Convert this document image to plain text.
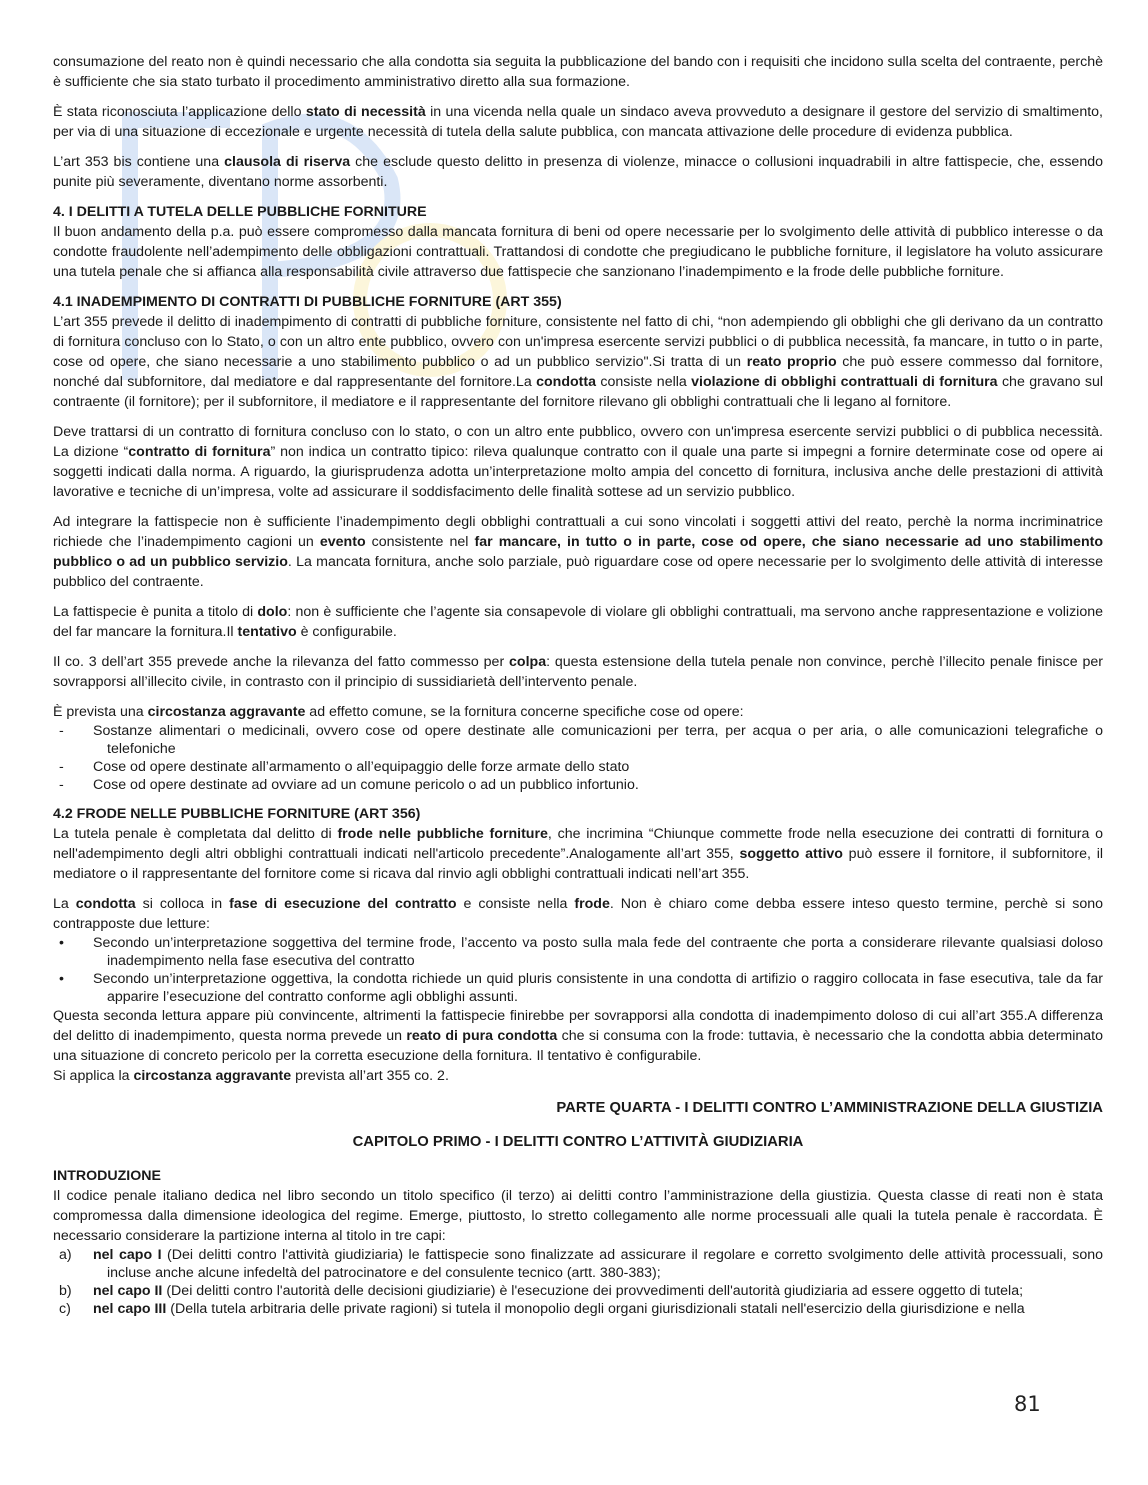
consumazione del reato non è quindi necessario che alla condotta sia seguita la pubblicazione del bando con i requisiti che incidono sulla scelta del contraente, perchè è sufficiente che sia stato turbato il procedimento amministrativo diretto alla sua formazione.

È stata riconosciuta l’applicazione dello stato di necessità in una vicenda nella quale un sindaco aveva provveduto a designare il gestore del servizio di smaltimento, per via di una situazione di eccezionale e urgente necessità di tutela della salute pubblica, con mancata attivazione delle procedure di evidenza pubblica.

L’art 353 bis contiene una clausola di riserva che esclude questo delitto in presenza di violenze, minacce o collusioni inquadrabili in altre fattispecie, che, essendo punite più severamente, diventano norme assorbenti.

4. I DELITTI A TUTELA DELLE PUBBLICHE FORNITURE

Il buon andamento della p.a. può essere compromesso dalla mancata fornitura di beni od opere necessarie per lo svolgimento delle attività di pubblico interesse o da condotte fraudolente nell’adempimento delle obbligazioni contrattuali. Trattandosi di condotte che pregiudicano le pubbliche forniture, il legislatore ha voluto assicurare una tutela penale che si affianca alla responsabilità civile attraverso due fattispecie che sanzionano l’inadempimento e la frode delle pubbliche forniture.

4.1 INADEMPIMENTO DI CONTRATTI DI PUBBLICHE FORNITURE (ART 355)

L’art 355 prevede il delitto di inadempimento di contratti di pubbliche forniture, consistente nel fatto di chi, “non adempiendo gli obblighi che gli derivano da un contratto di fornitura concluso con lo Stato, o con un altro ente pubblico, ovvero con un'impresa esercente servizi pubblici o di pubblica necessità, fa mancare, in tutto o in parte, cose od opere, che siano necessarie a uno stabilimento pubblico o ad un pubblico servizio".Si tratta di un reato proprio che può essere commesso dal fornitore, nonché dal subfornitore, dal mediatore e dal rappresentante del fornitore.La condotta consiste nella violazione di obblighi contrattuali di fornitura che gravano sul contraente (il fornitore); per il subfornitore, il mediatore e il rappresentante del fornitore rilevano gli obblighi contrattuali che li legano al fornitore.

Deve trattarsi di un contratto di fornitura concluso con lo stato, o con un altro ente pubblico, ovvero con un'impresa esercente servizi pubblici o di pubblica necessità. La dizione “contratto di fornitura” non indica un contratto tipico: rileva qualunque contratto con il quale una parte si impegni a fornire determinate cose od opere ai soggetti indicati dalla norma. A riguardo, la giurisprudenza adotta un’interpretazione molto ampia del concetto di fornitura, inclusiva anche delle prestazioni di attività lavorative e tecniche di un’impresa, volte ad assicurare il soddisfacimento delle finalità sottese ad un servizio pubblico.

Ad integrare la fattispecie non è sufficiente l’inadempimento degli obblighi contrattuali a cui sono vincolati i soggetti attivi del reato, perchè la norma incriminatrice richiede che l’inadempimento cagioni un evento consistente nel far mancare, in tutto o in parte, cose od opere, che siano necessarie ad uno stabilimento pubblico o ad un pubblico servizio. La mancata fornitura, anche solo parziale, può riguardare cose od opere necessarie per lo svolgimento delle attività di interesse pubblico del contraente.

La fattispecie è punita a titolo di dolo: non è sufficiente che l’agente sia consapevole di violare gli obblighi contrattuali, ma servono anche rappresentazione e volizione del far mancare la fornitura.Il tentativo è configurabile.

Il co. 3 dell’art 355 prevede anche la rilevanza del fatto commesso per colpa: questa estensione della tutela penale non convince, perchè l’illecito penale finisce per sovrapporsi all’illecito civile, in contrasto con il principio di sussidiarietà dell’intervento penale.

È prevista una circostanza aggravante ad effetto comune, se la fornitura concerne specifiche cose od opere:

-	Sostanze alimentari o medicinali, ovvero cose od opere destinate alle comunicazioni per terra, per acqua o per aria, o alle comunicazioni telegrafiche o telefoniche
-	Cose od opere destinate all’armamento o all’equipaggio delle forze armate dello stato
-	Cose od opere destinate ad ovviare ad un comune pericolo o ad un pubblico infortunio.
4.2 FRODE NELLE PUBBLICHE FORNITURE (ART 356)

La tutela penale è completata dal delitto di frode nelle pubbliche forniture, che incrimina “Chiunque commette frode nella esecuzione dei contratti di fornitura o nell'adempimento degli altri obblighi contrattuali indicati nell'articolo precedente”.Analogamente all’art 355, soggetto attivo può essere il fornitore, il subfornitore, il mediatore o il rappresentante del fornitore come si ricava dal rinvio agli obblighi contrattuali indicati nell’art 355.

La condotta si colloca in fase di esecuzione del contratto e consiste nella frode. Non è chiaro come debba essere inteso questo termine, perchè si sono contrapposte due letture:

•	Secondo un’interpretazione soggettiva del termine frode, l’accento va posto sulla mala fede del contraente che porta a considerare rilevante qualsiasi doloso inadempimento nella fase esecutiva del contratto
•	Secondo un’interpretazione oggettiva, la condotta richiede un quid pluris consistente in una condotta di artifizio o raggiro collocata in fase esecutiva, tale da far apparire l’esecuzione del contratto conforme agli obblighi assunti.

Questa seconda lettura appare più convincente, altrimenti la fattispecie finirebbe per sovrapporsi alla condotta di inadempimento doloso di cui all’art 355.A differenza del delitto di inadempimento, questa norma prevede un reato di pura condotta che si consuma con la frode: tuttavia, è necessario che la condotta abbia determinato una situazione di concreto pericolo per la corretta esecuzione della fornitura. Il tentativo è configurabile.

Si applica la circostanza aggravante prevista all’art 355 co. 2.

PARTE QUARTA - I DELITTI CONTRO L’AMMINISTRAZIONE DELLA GIUSTIZIA
CAPITOLO PRIMO - I DELITTI CONTRO L’ATTIVITÀ GIUDIZIARIA
INTRODUZIONE

Il codice penale italiano dedica nel libro secondo un titolo specifico (il terzo) ai delitti contro l’amministrazione della giustizia. Questa classe di reati non è stata compromessa dalla dimensione ideologica del regime. Emerge, piuttosto, lo stretto collegamento alle norme processuali alle quali la tutela penale è raccordata. È necessario considerare la partizione interna al titolo in tre capi:

a)	nel capo I (Dei delitti contro l'attività giudiziaria) le fattispecie sono finalizzate ad assicurare il regolare e corretto svolgimento delle attività processuali, sono incluse anche alcune infedeltà del patrocinatore e del consulente tecnico (artt. 380-383);
b)	nel capo II (Dei delitti contro l'autorità delle decisioni giudiziarie) è l'esecuzione dei provvedimenti dell'autorità giudiziaria ad essere oggetto di tutela;
c)	nel capo III (Della tutela arbitraria delle private ragioni) si tutela il monopolio degli organi giurisdizionali statali nell'esercizio della giurisdizione e nella
81
